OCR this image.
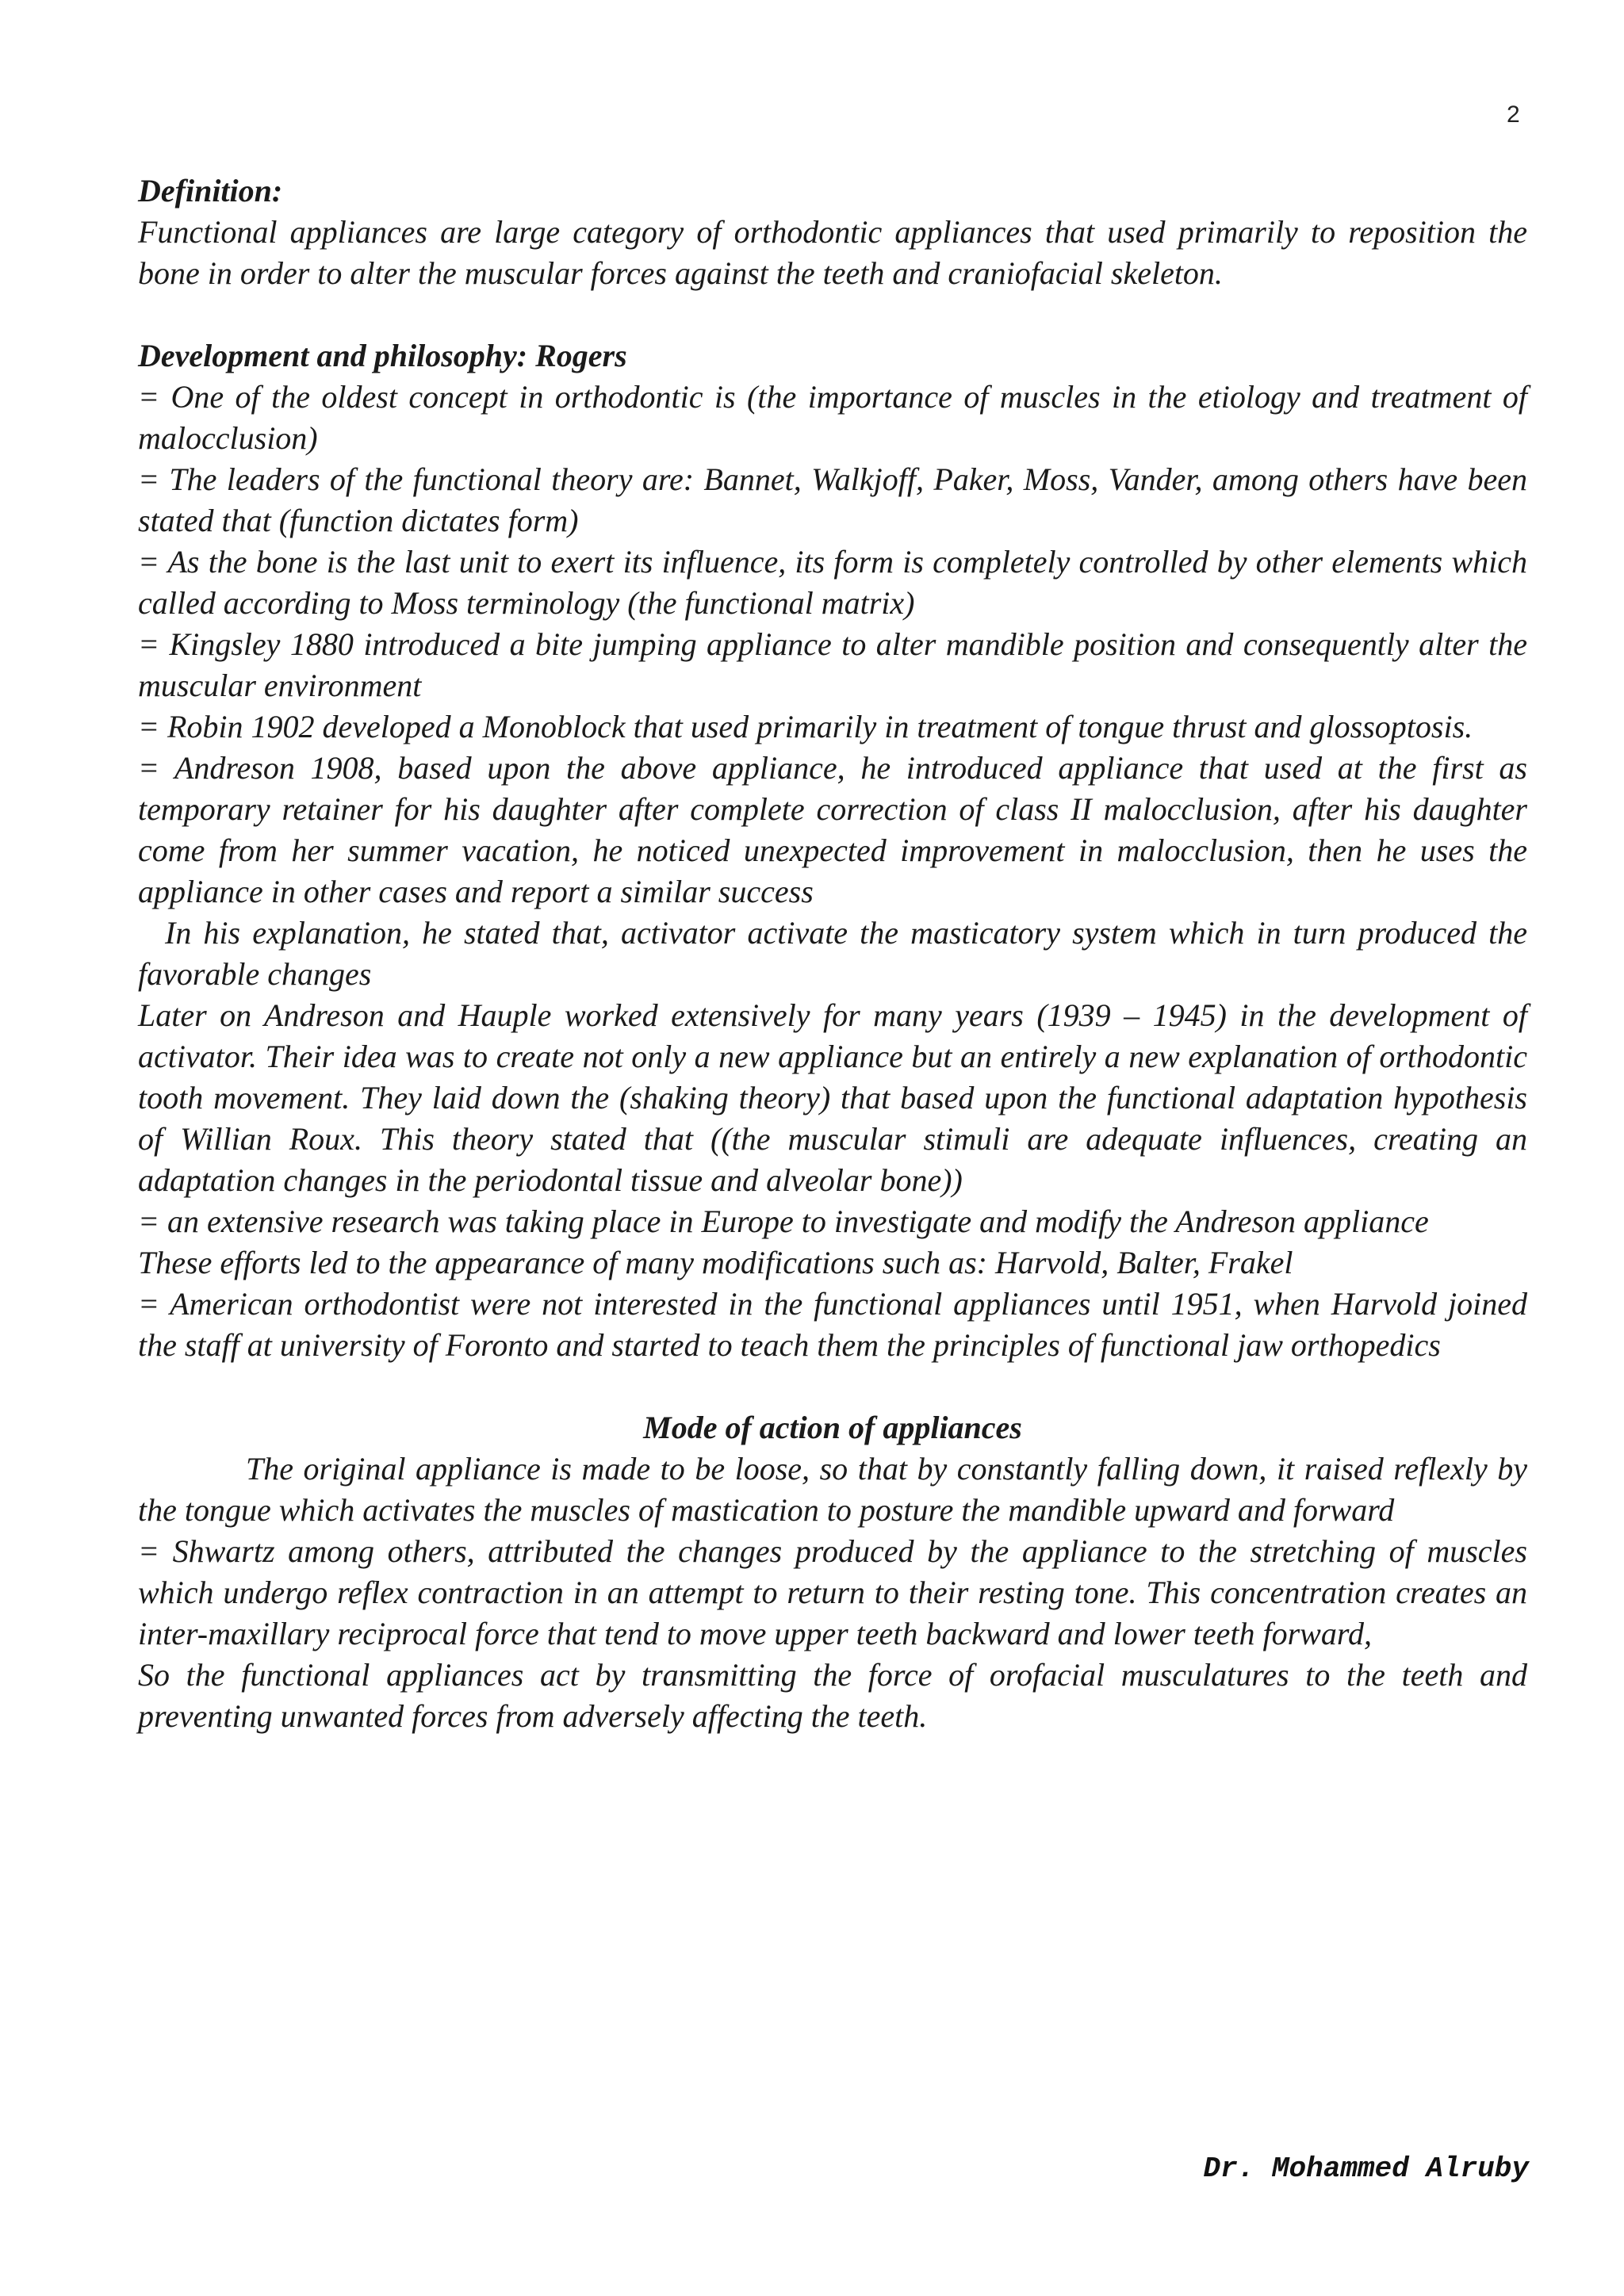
2

Definition:

Functional appliances are large category of orthodontic appliances that used primarily to reposition the bone in order to alter the muscular forces against the teeth and craniofacial skeleton.

Development and philosophy: Rogers

= One of the oldest concept in orthodontic is (the importance of muscles in the etiology and treatment of malocclusion)

= The leaders of the functional theory are: Bannet, Walkjoff, Paker, Moss, Vander, among others have been stated that (function dictates form)

= As the bone is the last unit to exert its influence, its form is completely controlled by other elements which called according to Moss terminology (the functional matrix)

= Kingsley 1880 introduced a bite jumping appliance to alter mandible position and consequently alter the muscular environment

= Robin 1902 developed a Monoblock that used primarily in treatment of tongue thrust and glossoptosis.

= Andreson 1908, based upon the above appliance, he introduced appliance that used at the first as temporary retainer for his daughter after complete correction of class II malocclusion, after his daughter come from her summer vacation, he noticed unexpected improvement in malocclusion, then he uses the appliance in other cases and report a similar success

In his explanation, he stated that, activator activate the masticatory system which in turn produced the favorable changes

Later on Andreson and Hauple worked extensively for many years (1939 – 1945) in the development of activator. Their idea was to create not only a new appliance but an entirely a new explanation of orthodontic tooth movement. They laid down the (shaking theory) that based upon the functional adaptation hypothesis of Willian Roux. This theory stated that ((the muscular stimuli are adequate influences, creating an adaptation changes in the periodontal tissue and alveolar bone))

= an extensive research was taking place in Europe to investigate and modify the Andreson appliance

These efforts led to the appearance of many modifications such as: Harvold, Balter, Frakel

= American orthodontist were not interested in the functional appliances until 1951, when Harvold joined the staff at university of Foronto and started to teach them the principles of functional jaw orthopedics

Mode of action of appliances

The original appliance is made to be loose, so that by constantly falling down, it raised reflexly by the tongue which activates the muscles of mastication to posture the mandible upward and forward

= Shwartz among others, attributed the changes produced by the appliance to the stretching of muscles which undergo reflex contraction in an attempt to return to their resting tone. This concentration creates an inter-maxillary reciprocal force that tend to move upper teeth backward and lower teeth forward,

So the functional appliances act by transmitting the force of orofacial musculatures to the teeth and preventing unwanted forces from adversely affecting the teeth.

Dr. Mohammed Alruby
